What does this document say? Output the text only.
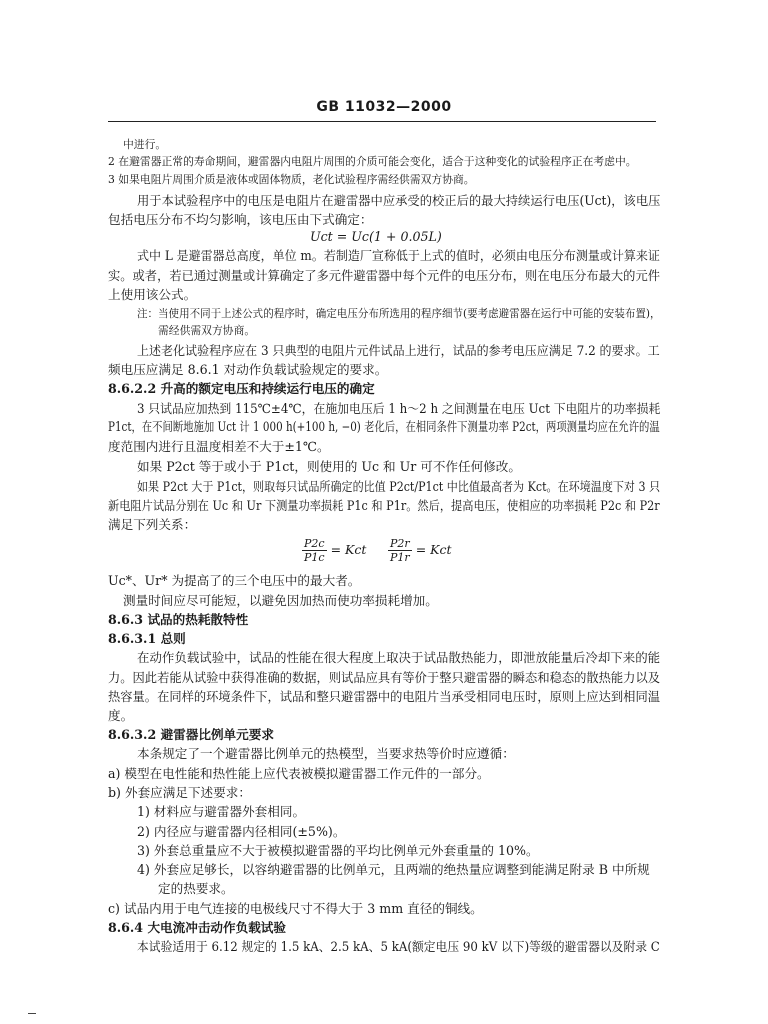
GB 11032—2000
中进行。
2 在避雷器正常的寿命期间，避雷器内电阻片周围的介质可能会变化，适合于这种变化的试验程序正在考虑中。
3 如果电阻片周围介质是液体或固体物质，老化试验程序需经供需双方协商。
用于本试验程序中的电压是电阻片在避雷器中应承受的校正后的最大持续运行电压(Uct)，该电压
包括电压分布不均匀影响，该电压由下式确定：
Uct = Uc(1 + 0.05L)
式中 L 是避雷器总高度，单位 m。若制造厂宣称低于上式的值时，必须由电压分布测量或计算来证
实。或者，若已通过测量或计算确定了多元件避雷器中每个元件的电压分布，则在电压分布最大的元件
上使用该公式。
注：当使用不同于上述公式的程序时，确定电压分布所选用的程序细节(要考虑避雷器在运行中可能的安装布置)，
需经供需双方协商。
上述老化试验程序应在 3 只典型的电阻片元件试品上进行，试品的参考电压应满足 7.2 的要求。工
频电压应满足 8.6.1 对动作负载试验规定的要求。
8.6.2.2 升高的额定电压和持续运行电压的确定
3 只试品应加热到 115℃±4℃，在施加电压后 1 h～2 h 之间测量在电压 Uct 下电阻片的功率损耗
P1ct，在不间断地施加 Uct 计 1 000 h(+100 h, −0) 老化后，在相同条件下测量功率 P2ct，两项测量均应在允许的温
度范围内进行且温度相差不大于±1℃。
如果 P2ct 等于或小于 P1ct，则使用的 Uc 和 Ur 可不作任何修改。
如果 P2ct 大于 P1ct，则取每只试品所确定的比值 P2ct/P1ct 中比值最高者为 Kct。在环境温度下对 3 只
新电阻片试品分别在 Uc 和 Ur 下测量功率损耗 P1c 和 P1r。然后，提高电压，使相应的功率损耗 P2c 和 P2r
满足下列关系：
$\frac{P2c}{P1c}$ = Kct $\frac{P2r}{P1r}$ = Kct
Uc*、Ur* 为提高了的三个电压中的最大者。
测量时间应尽可能短，以避免因加热而使功率损耗增加。
8.6.3 试品的热耗散特性
8.6.3.1 总则
在动作负载试验中，试品的性能在很大程度上取决于试品散热能力，即泄放能量后冷却下来的能
力。因此若能从试验中获得准确的数据，则试品应具有等价于整只避雷器的瞬态和稳态的散热能力以及
热容量。在同样的环境条件下，试品和整只避雷器中的电阻片当承受相同电压时，原则上应达到相同温
度。
8.6.3.2 避雷器比例单元要求
本条规定了一个避雷器比例单元的热模型，当要求热等价时应遵循：
a) 模型在电性能和热性能上应代表被模拟避雷器工作元件的一部分。
b) 外套应满足下述要求：
1) 材料应与避雷器外套相同。
2) 内径应与避雷器内径相同(±5%)。
3) 外套总重量应不大于被模拟避雷器的平均比例单元外套重量的 10%。
4) 外套应足够长，以容纳避雷器的比例单元，且两端的绝热量应调整到能满足附录 B 中所规
定的热要求。
c) 试品内用于电气连接的电极线尺寸不得大于 3 mm 直径的铜线。
8.6.4 大电流冲击动作负载试验
本试验适用于 6.12 规定的 1.5 kA、2.5 kA、5 kA(额定电压 90 kV 以下)等级的避雷器以及附录 C
